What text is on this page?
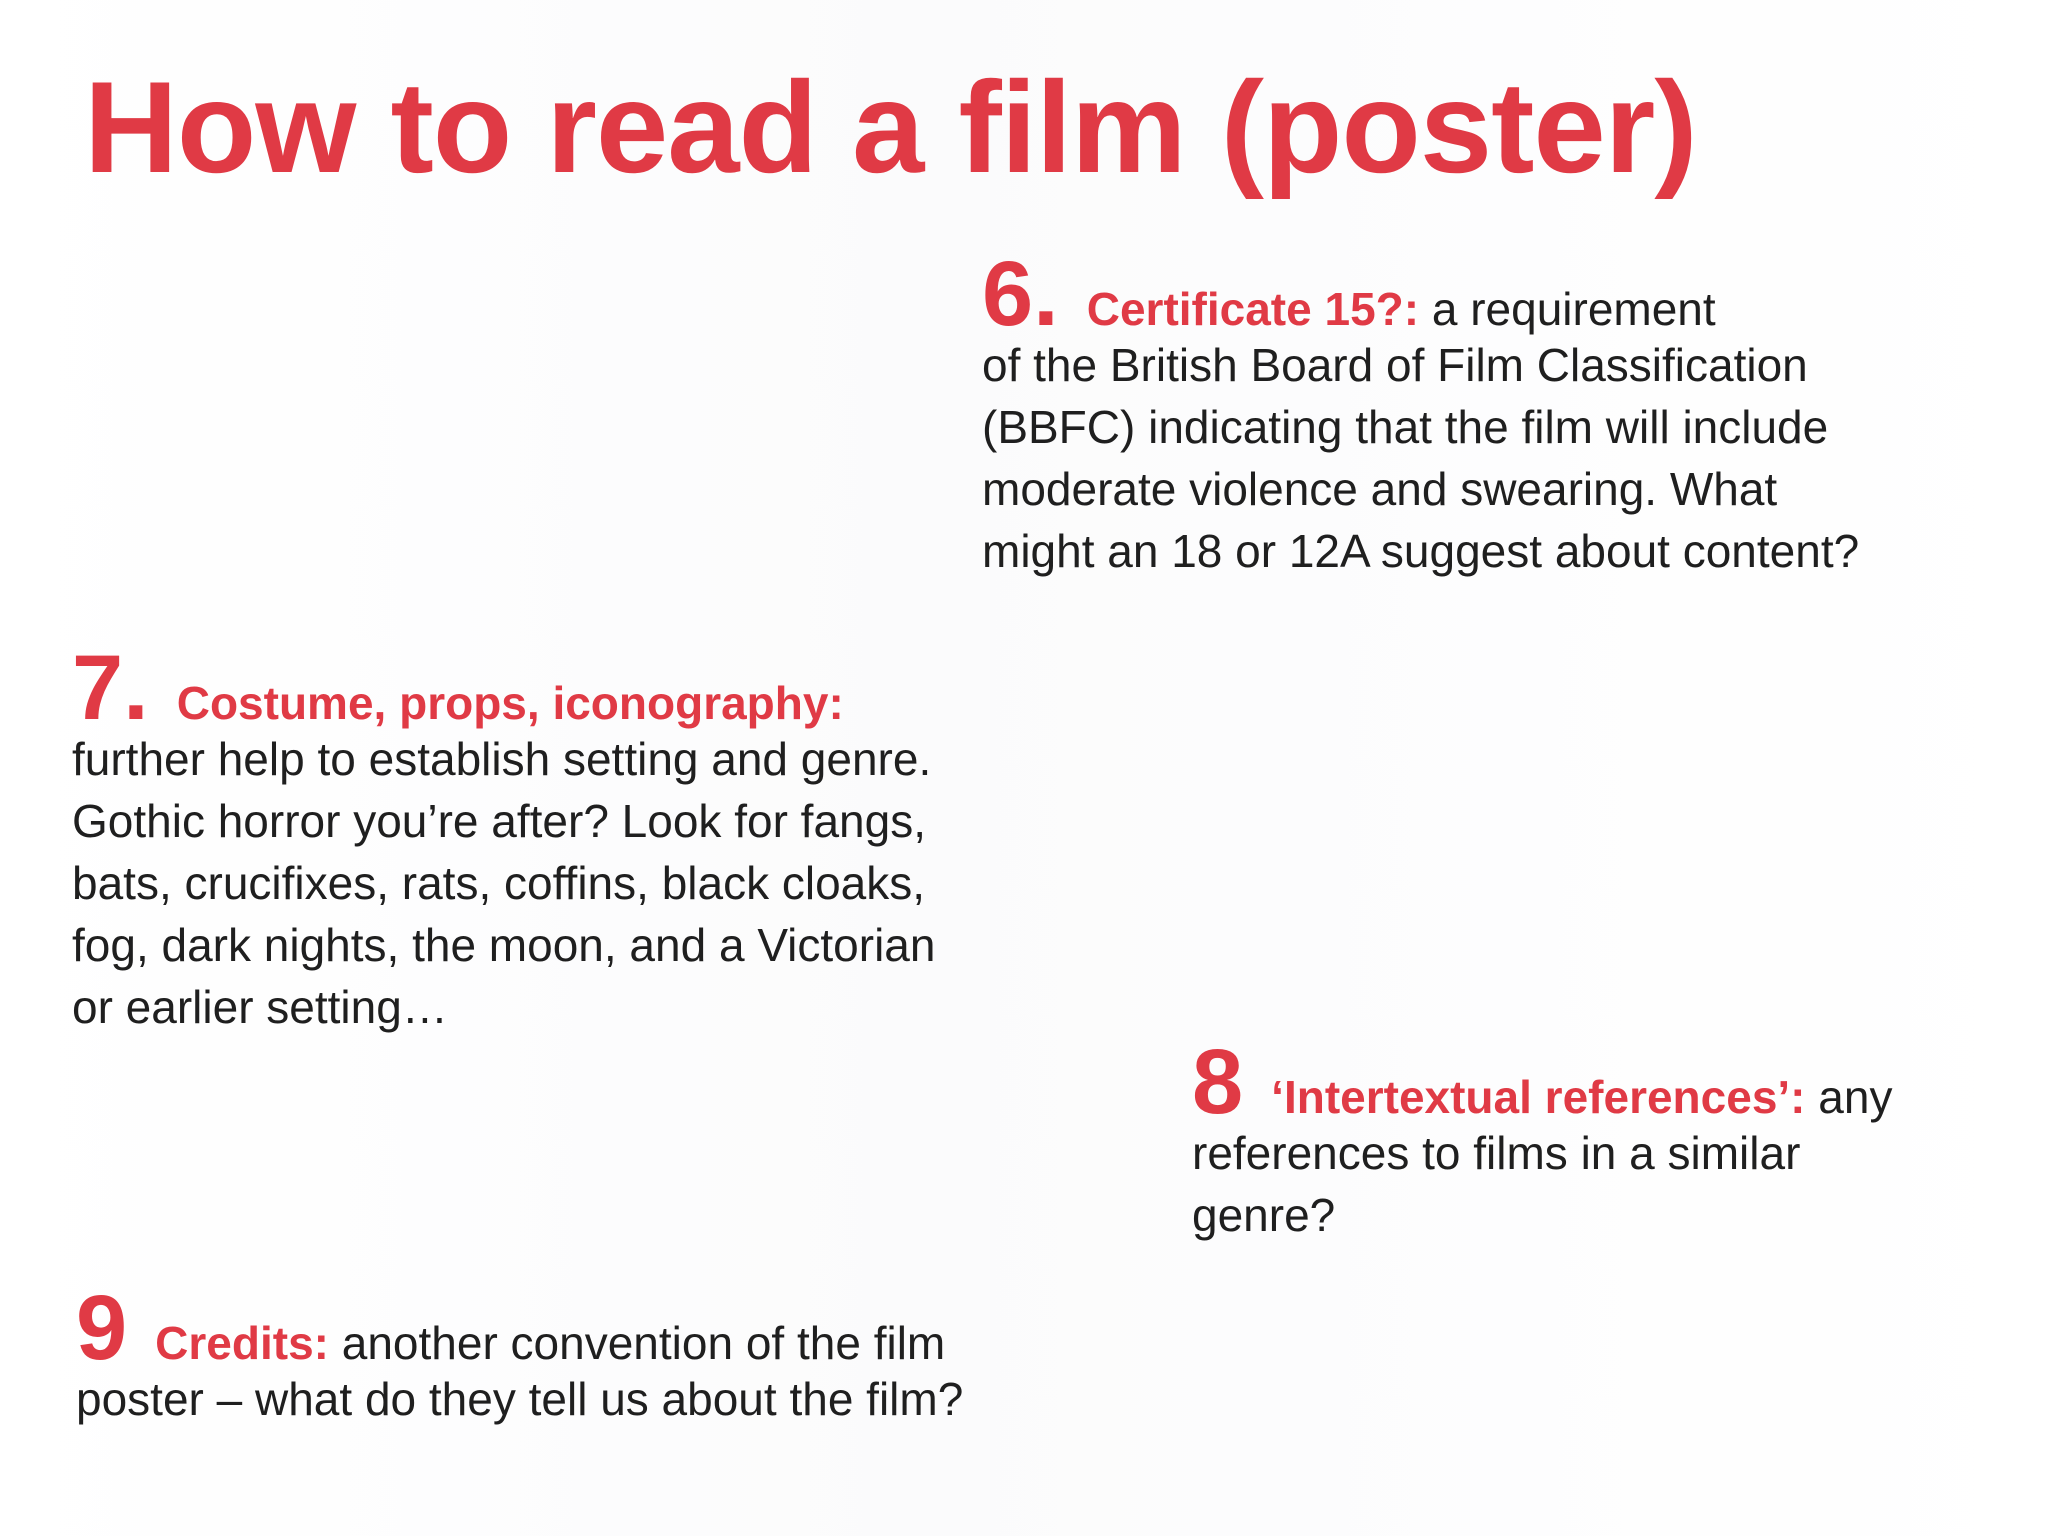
How to read a film (poster)
6. Certificate 15?: a requirement
of the British Board of Film Classification
(BBFC) indicating that the film will include
moderate violence and swearing. What
might an 18 or 12A suggest about content?
7. Costume, props, iconography:
further help to establish setting and genre.
Gothic horror you’re after? Look for fangs,
bats, crucifixes, rats, coffins, black cloaks,
fog, dark nights, the moon, and a Victorian
or earlier setting…
8 ‘Intertextual references’: any
references to films in a similar
genre?
9 Credits: another convention of the film
poster – what do they tell us about the film?
